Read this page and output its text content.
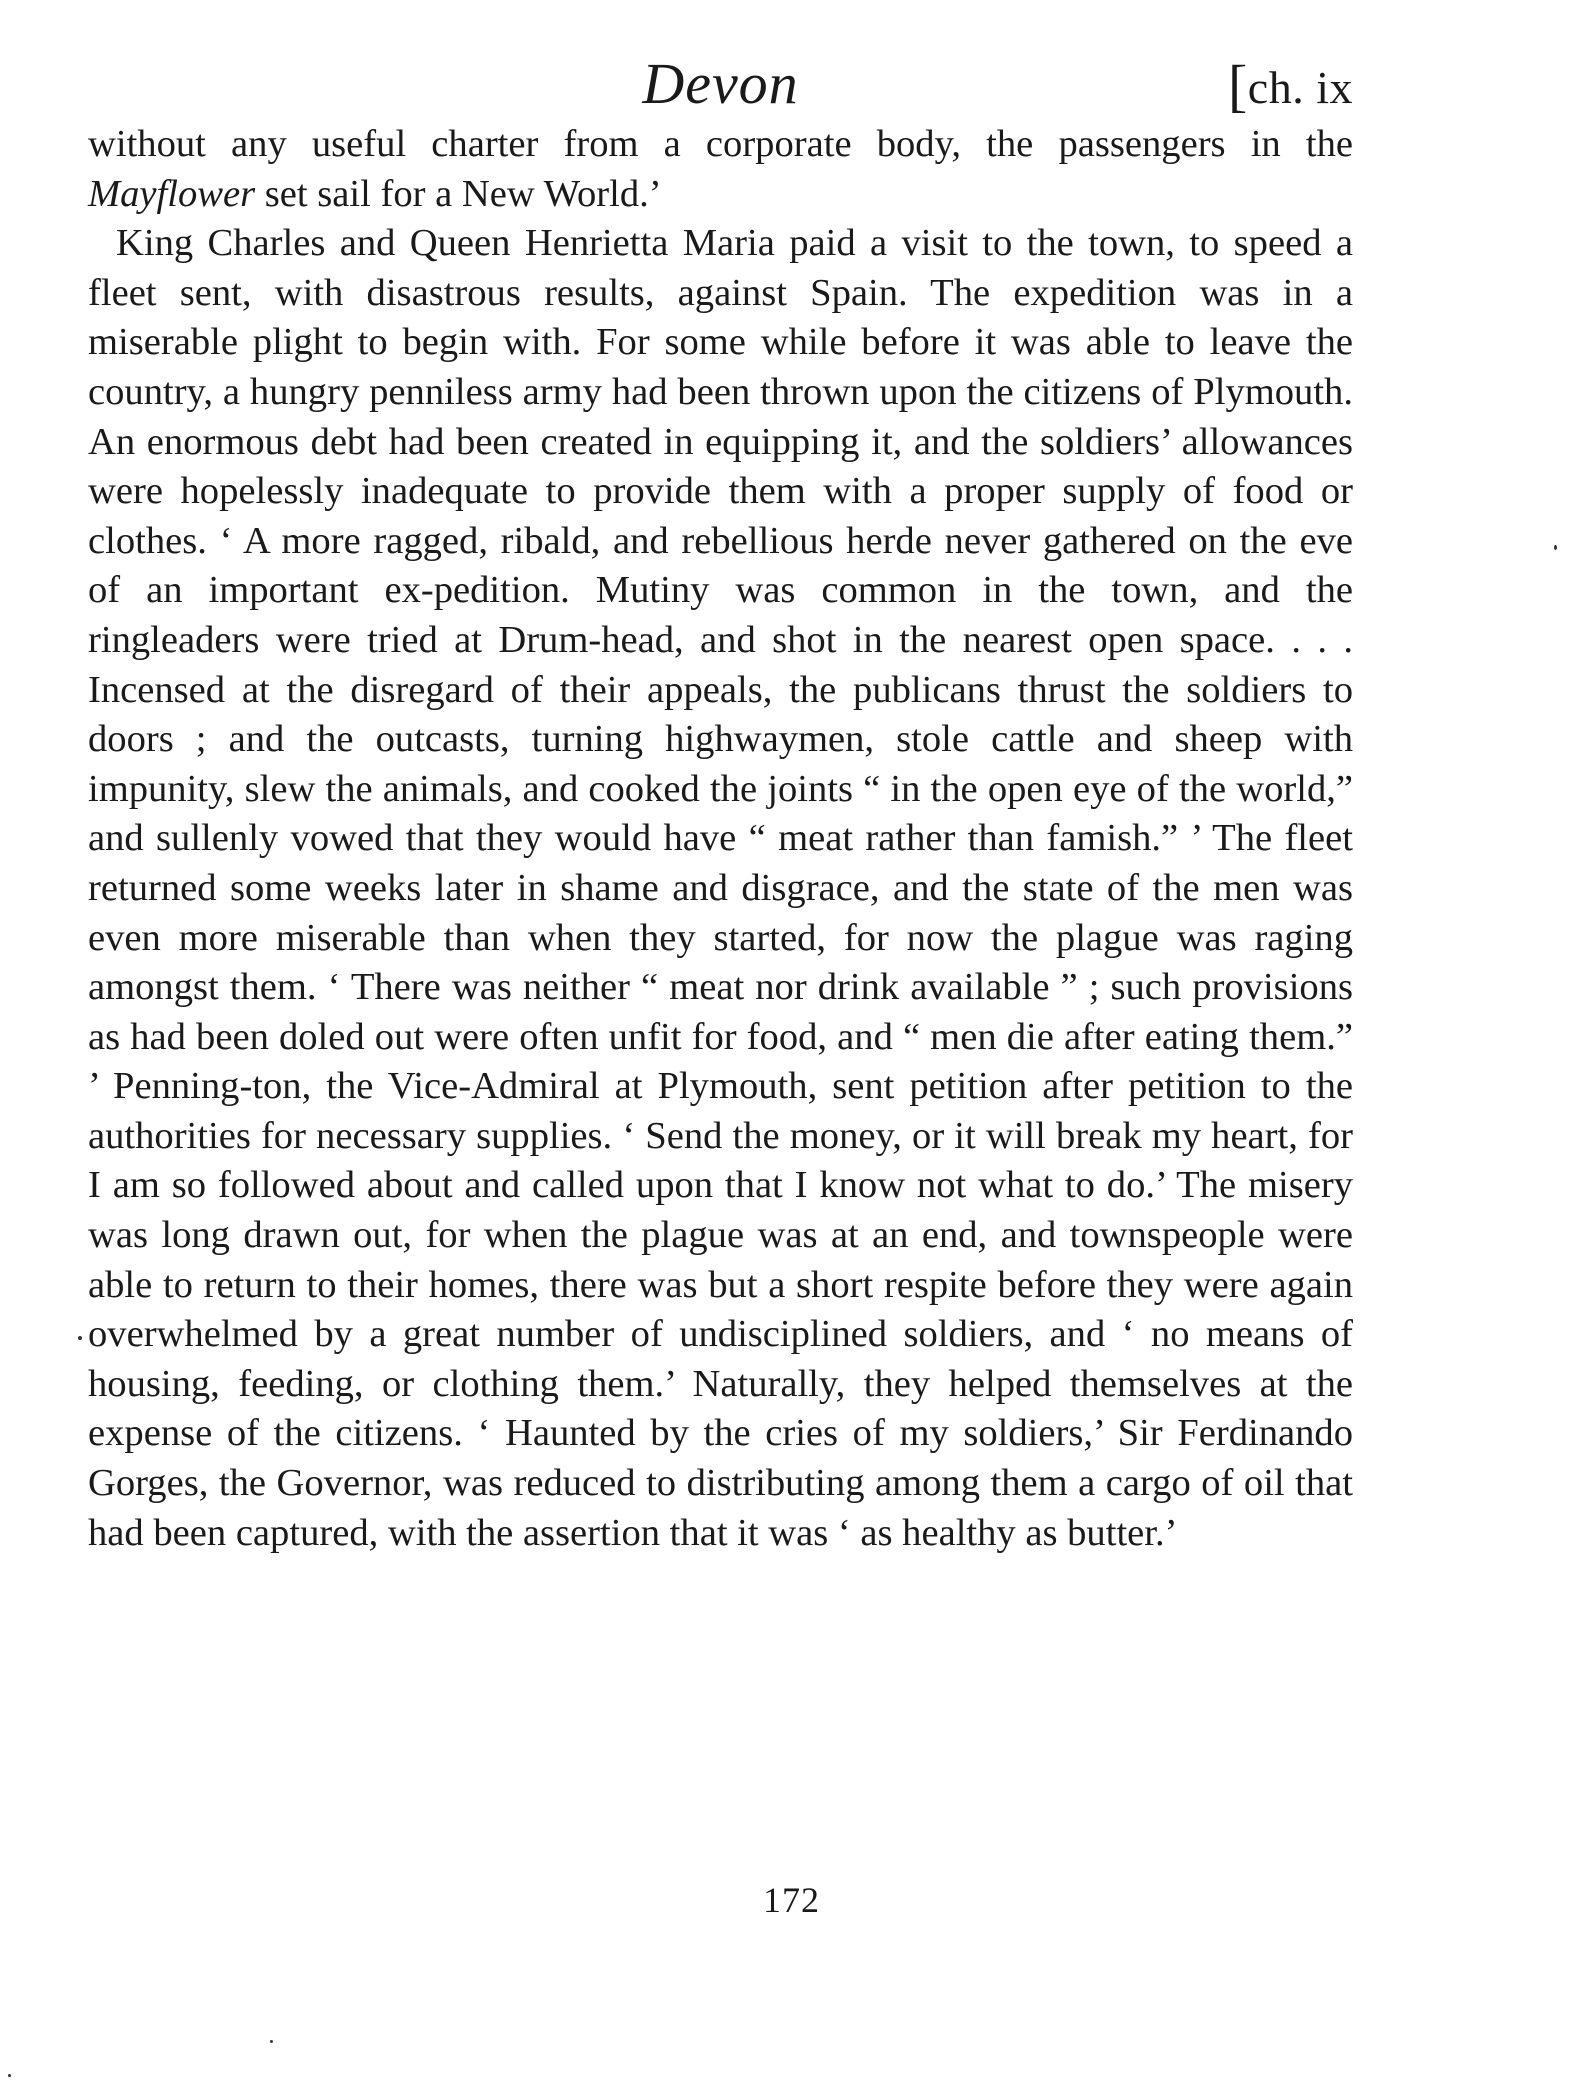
Devon	[ch. ix

without any useful charter from a corporate body, the passengers in the Mayflower set sail for a New World.’

King Charles and Queen Henrietta Maria paid a visit to the town, to speed a fleet sent, with disastrous results, against Spain. The expedition was in a miserable plight to begin with. For some while before it was able to leave the country, a hungry penniless army had been thrown upon the citizens of Plymouth. An enormous debt had been created in equipping it, and the soldiers’ allowances were hopelessly inadequate to provide them with a proper supply of food or clothes. ‘ A more ragged, ribald, and rebellious herde never gathered on the eve of an important ex-pedition. Mutiny was common in the town, and the ringleaders were tried at Drum-head, and shot in the nearest open space. . . . Incensed at the disregard of their appeals, the publicans thrust the soldiers to doors ; and the outcasts, turning highwaymen, stole cattle and sheep with impunity, slew the animals, and cooked the joints “ in the open eye of the world,” and sullenly vowed that they would have “ meat rather than famish.” ’ The fleet returned some weeks later in shame and disgrace, and the state of the men was even more miserable than when they started, for now the plague was raging amongst them. ‘ There was neither “ meat nor drink available ” ; such provisions as had been doled out were often unfit for food, and “ men die after eating them.” ’ Penning-ton, the Vice-Admiral at Plymouth, sent petition after petition to the authorities for necessary supplies. ‘ Send the money, or it will break my heart, for I am so followed about and called upon that I know not what to do.’ The misery was long drawn out, for when the plague was at an end, and townspeople were able to return to their homes, there was but a short respite before they were again overwhelmed by a great number of undisciplined soldiers, and ‘ no means of housing, feeding, or clothing them.’ Naturally, they helped themselves at the expense of the citizens. ‘ Haunted by the cries of my soldiers,’ Sir Ferdinando Gorges, the Governor, was reduced to distributing among them a cargo of oil that had been captured, with the assertion that it was ‘ as healthy as butter.’

172
